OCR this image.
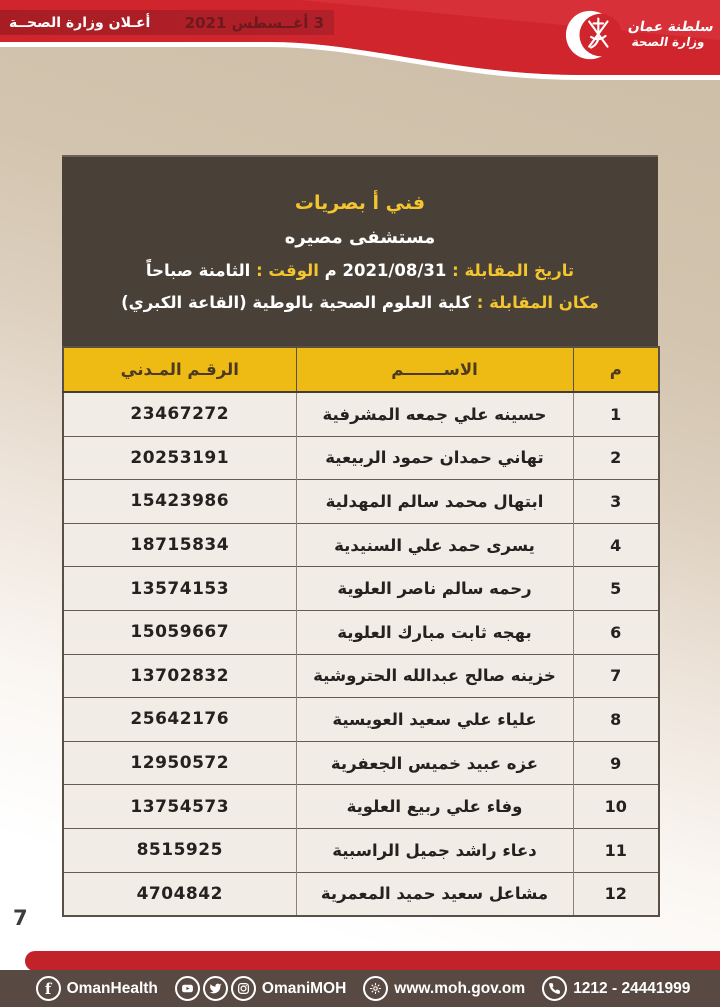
أعـلان وزارة الصحــة 3 أغــسطس 2021	سلطنة عمان
وزارة الصحة
فني أ بصريات
مستشفى مصيره
تاريخ المقابلة : 2021/08/31 م الوقت : الثامنة صباحاً
مكان المقابلة : كلية العلوم الصحية بالوطية (القاعة الكبري)
م	الاســـــــم	الرقـم المـدني
1	حسينه علي جمعه المشرفية	23467272
2	تهاني حمدان حمود الربيعية	20253191
3	ابتهال محمد سالم المهدلية	15423986
4	يسرى حمد علي السنيدية	18715834
5	رحمه سالم ناصر العلوية	13574153
6	بهجه ثابت مبارك العلوية	15059667
7	خزينه صالح عبدالله الحتروشية	13702832
8	علياء علي سعيد العويسية	25642176
9	عزه عبيد خميس الجعفرية	12950572
10	وفاء علي ربيع العلوية	13754573
11	دعاء راشد جميل الراسبية	8515925
12	مشاعل سعيد حميد المعمرية	4704842
7
f OmanHealth	OmaniMOH	www.moh.gov.om	1212 - 24441999
